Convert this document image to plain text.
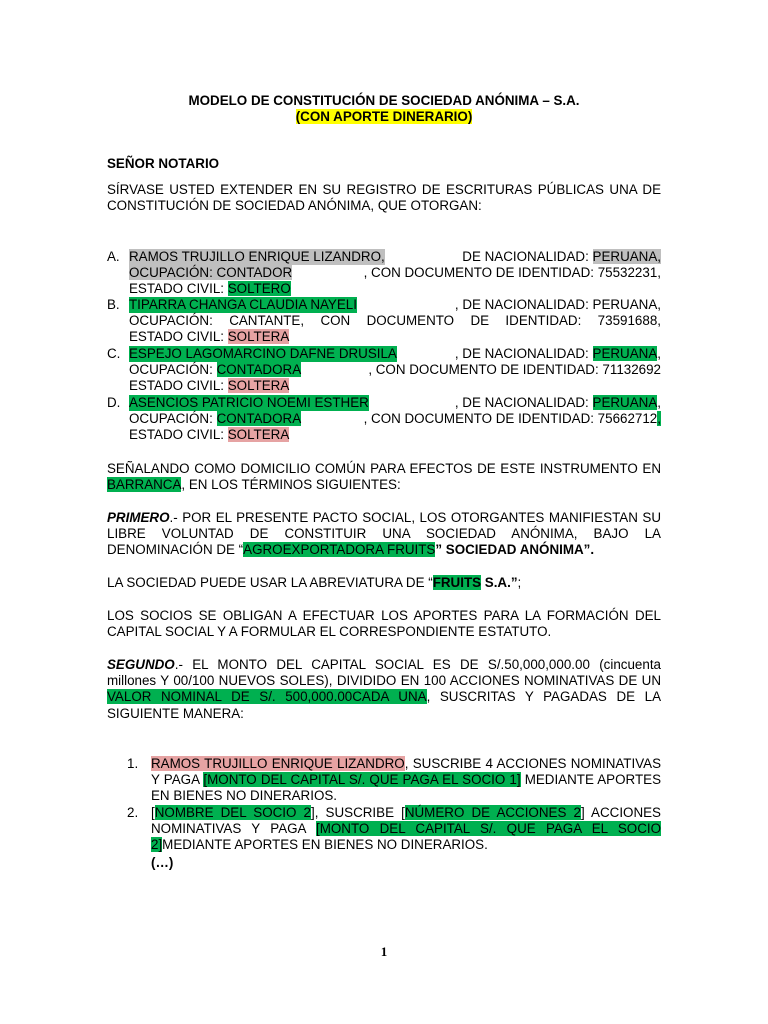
MODELO DE CONSTITUCIÓN DE SOCIEDAD ANÓNIMA – S.A.
(CON APORTE DINERARIO)
SEÑOR NOTARIO
SÍRVASE USTED EXTENDER EN SU REGISTRO DE ESCRITURAS PÚBLICAS UNA DE CONSTITUCIÓN DE SOCIEDAD ANÓNIMA, QUE OTORGAN:
A. RAMOS TRUJILLO ENRIQUE LIZANDRO,	DE NACIONALIDAD: PERUANA,
OCUPACIÓN: CONTADOR	, CON DOCUMENTO DE IDENTIDAD: 75532231,
ESTADO CIVIL: SOLTERO
B. TIPARRA CHANGA CLAUDIA NAYELI	, DE NACIONALIDAD: PERUANA,
OCUPACIÓN: CANTANTE, CON DOCUMENTO DE IDENTIDAD: 73591688,
ESTADO CIVIL: SOLTERA
C. ESPEJO LAGOMARCINO DAFNE DRUSILA	, DE NACIONALIDAD: PERUANA,
OCUPACIÓN: CONTADORA	, CON DOCUMENTO DE IDENTIDAD: 71132692
ESTADO CIVIL: SOLTERA
D. ASENCIOS PATRICIO NOEMI ESTHER	, DE NACIONALIDAD: PERUANA,
OCUPACIÓN: CONTADORA	, CON DOCUMENTO DE IDENTIDAD: 75662712,
ESTADO CIVIL: SOLTERA
SEÑALANDO COMO DOMICILIO COMÚN PARA EFECTOS DE ESTE INSTRUMENTO EN BARRANCA, EN LOS TÉRMINOS SIGUIENTES:
PRIMERO.- POR EL PRESENTE PACTO SOCIAL, LOS OTORGANTES MANIFIESTAN SU LIBRE VOLUNTAD DE CONSTITUIR UNA SOCIEDAD ANÓNIMA, BAJO LA DENOMINACIÓN DE “AGROEXPORTADORA FRUITS” SOCIEDAD ANÓNIMA”.
LA SOCIEDAD PUEDE USAR LA ABREVIATURA DE “FRUITS S.A.”;
LOS SOCIOS SE OBLIGAN A EFECTUAR LOS APORTES PARA LA FORMACIÓN DEL CAPITAL SOCIAL Y A FORMULAR EL CORRESPONDIENTE ESTATUTO.
SEGUNDO.- EL MONTO DEL CAPITAL SOCIAL ES DE S/.50,000,000.00 (cincuenta millones Y 00/100 NUEVOS SOLES), DIVIDIDO EN 100 ACCIONES NOMINATIVAS DE UN VALOR NOMINAL DE S/. 500,000.00CADA UNA, SUSCRITAS Y PAGADAS DE LA SIGUIENTE MANERA:
1. RAMOS TRUJILLO ENRIQUE LIZANDRO, SUSCRIBE 4 ACCIONES NOMINATIVAS Y PAGA [MONTO DEL CAPITAL S/. QUE PAGA EL SOCIO 1] MEDIANTE APORTES EN BIENES NO DINERARIOS.
2. [NOMBRE DEL SOCIO 2], SUSCRIBE [NÚMERO DE ACCIONES 2] ACCIONES NOMINATIVAS Y PAGA [MONTO DEL CAPITAL S/. QUE PAGA EL SOCIO 2]MEDIANTE APORTES EN BIENES NO DINERARIOS.
(…)
1
